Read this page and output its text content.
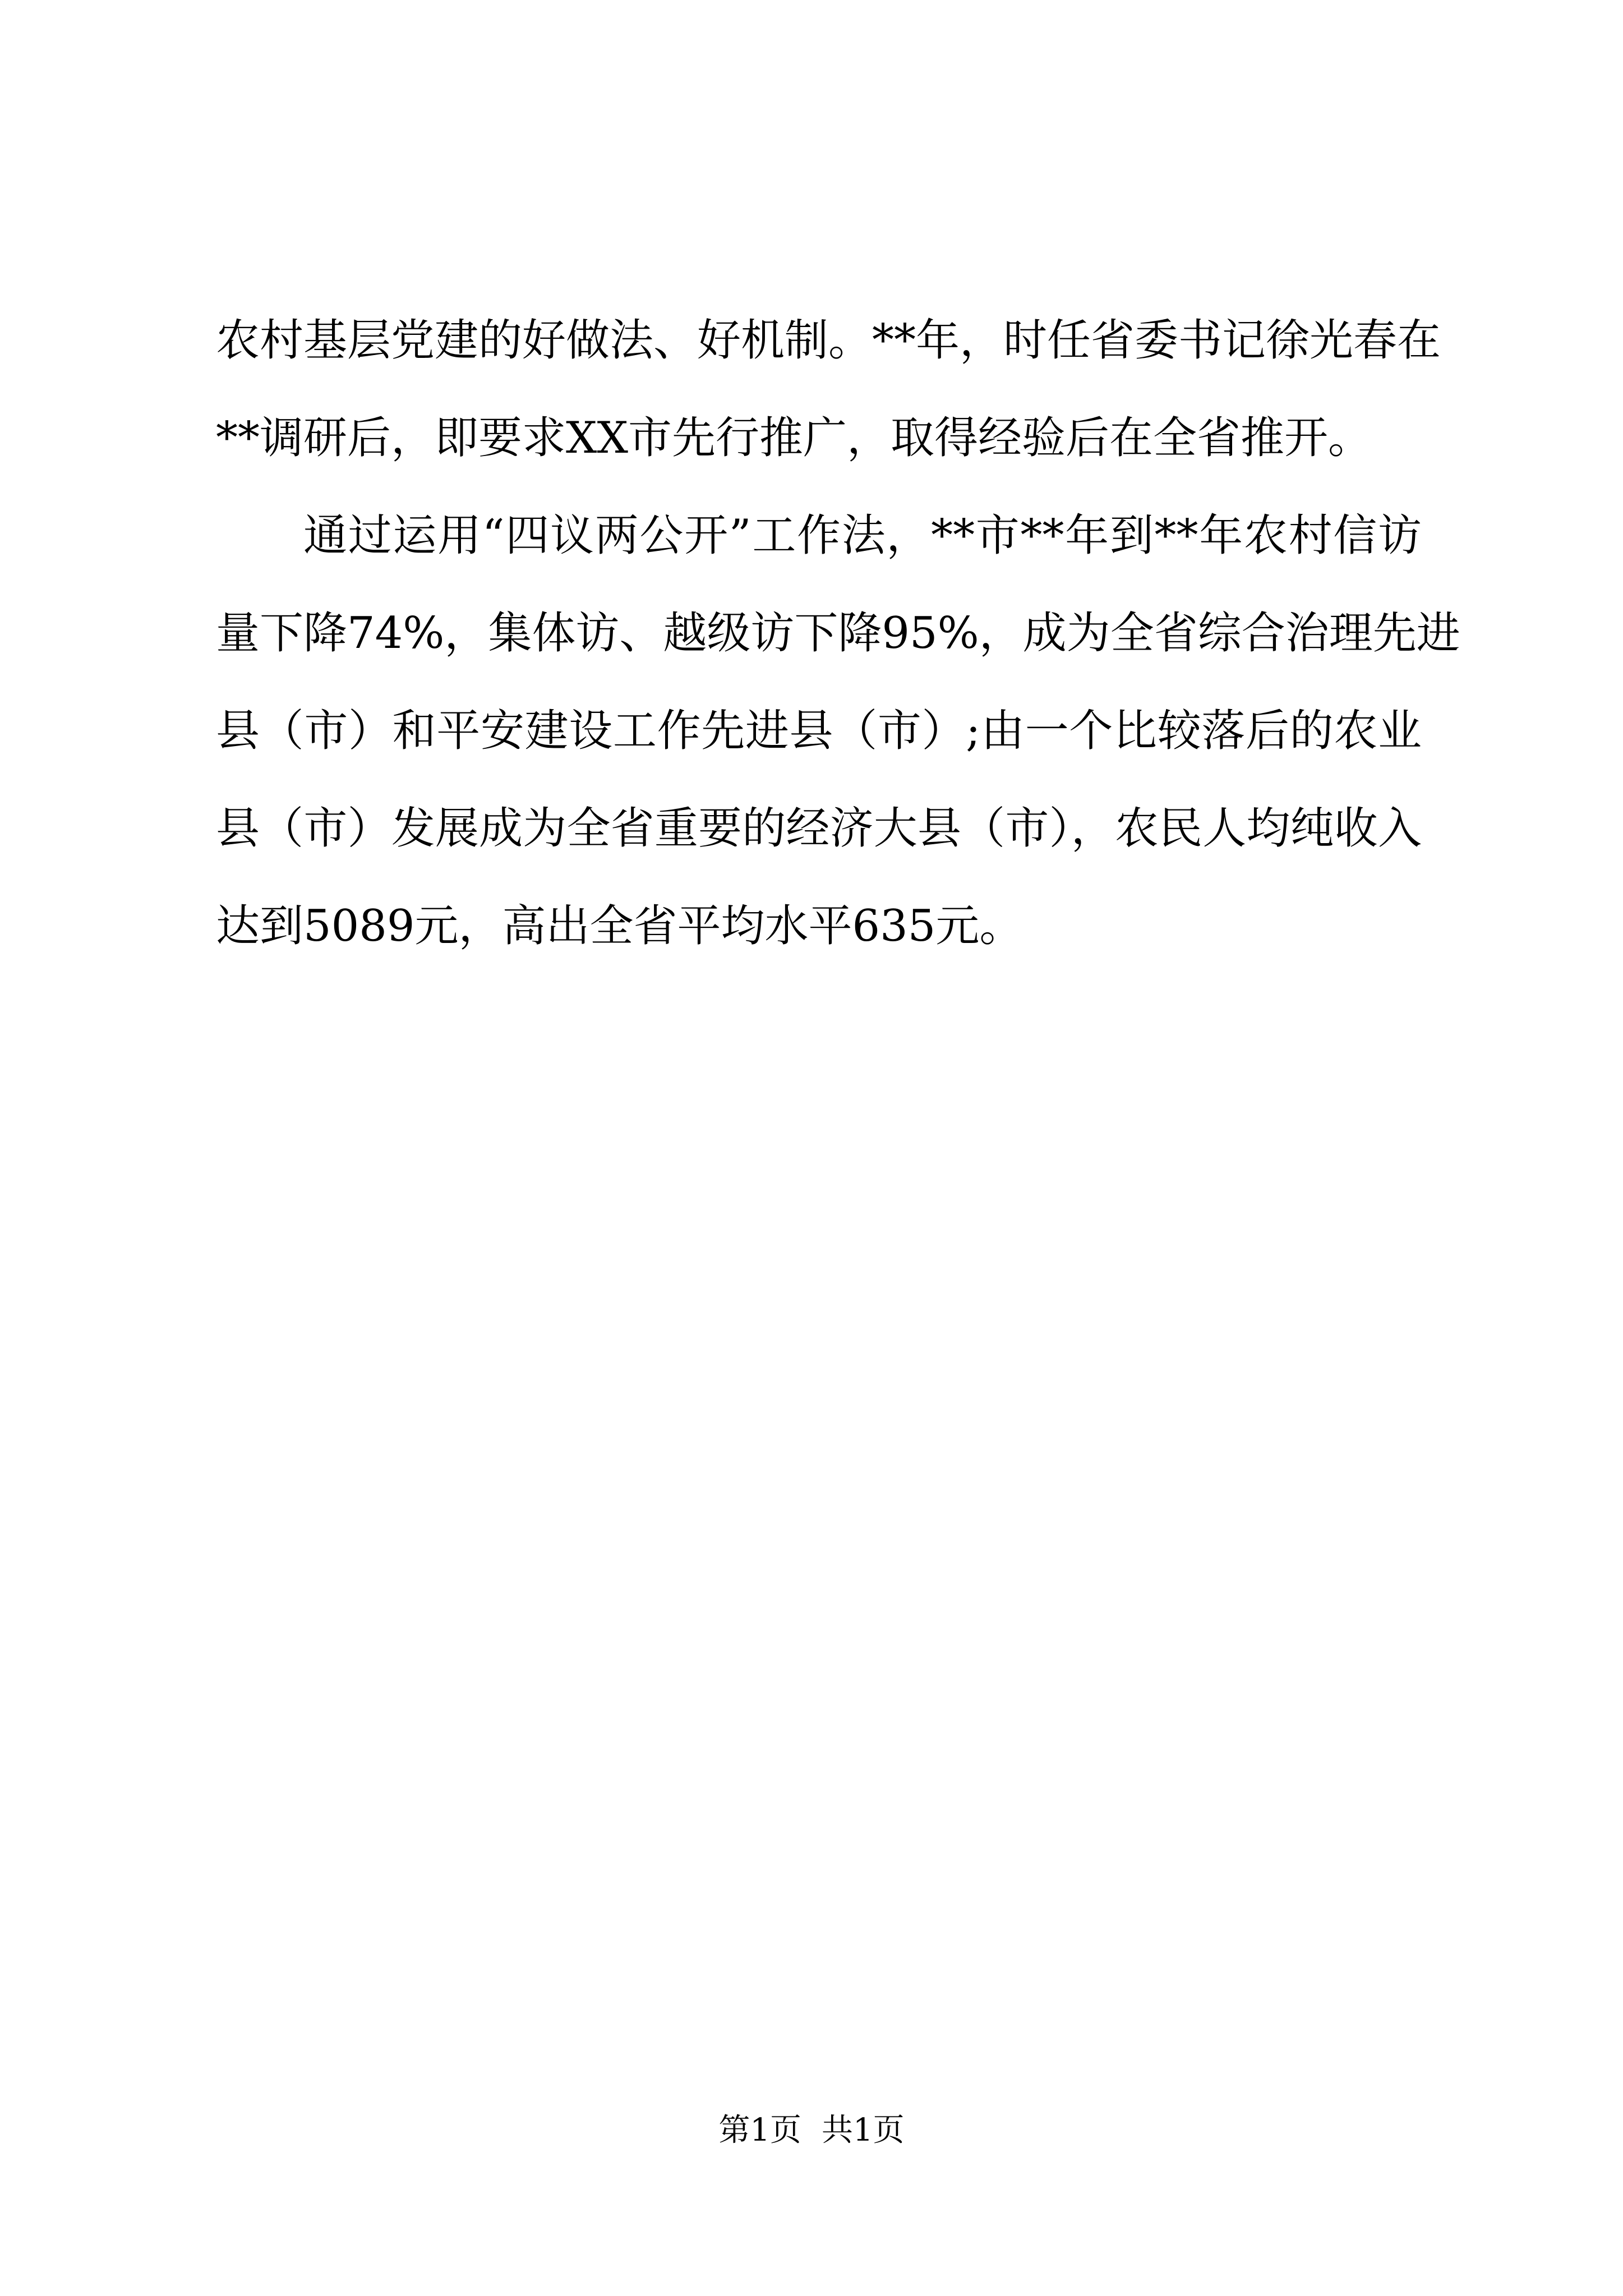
农村基层党建的好做法、好机制。**年，时任省委书记徐光春在
**调研后，即要求XX市先行推广，取得经验后在全省推开。
通过运用“四议两公开”工作法，**市**年到**年农村信访
量下降74%，集体访、越级访下降95%，成为全省综合治理先进
县（市）和平安建设工作先进县（市）;由一个比较落后的农业
县（市）发展成为全省重要的经济大县（市），农民人均纯收入
达到5089元，高出全省平均水平635元。
第1页 共1页
